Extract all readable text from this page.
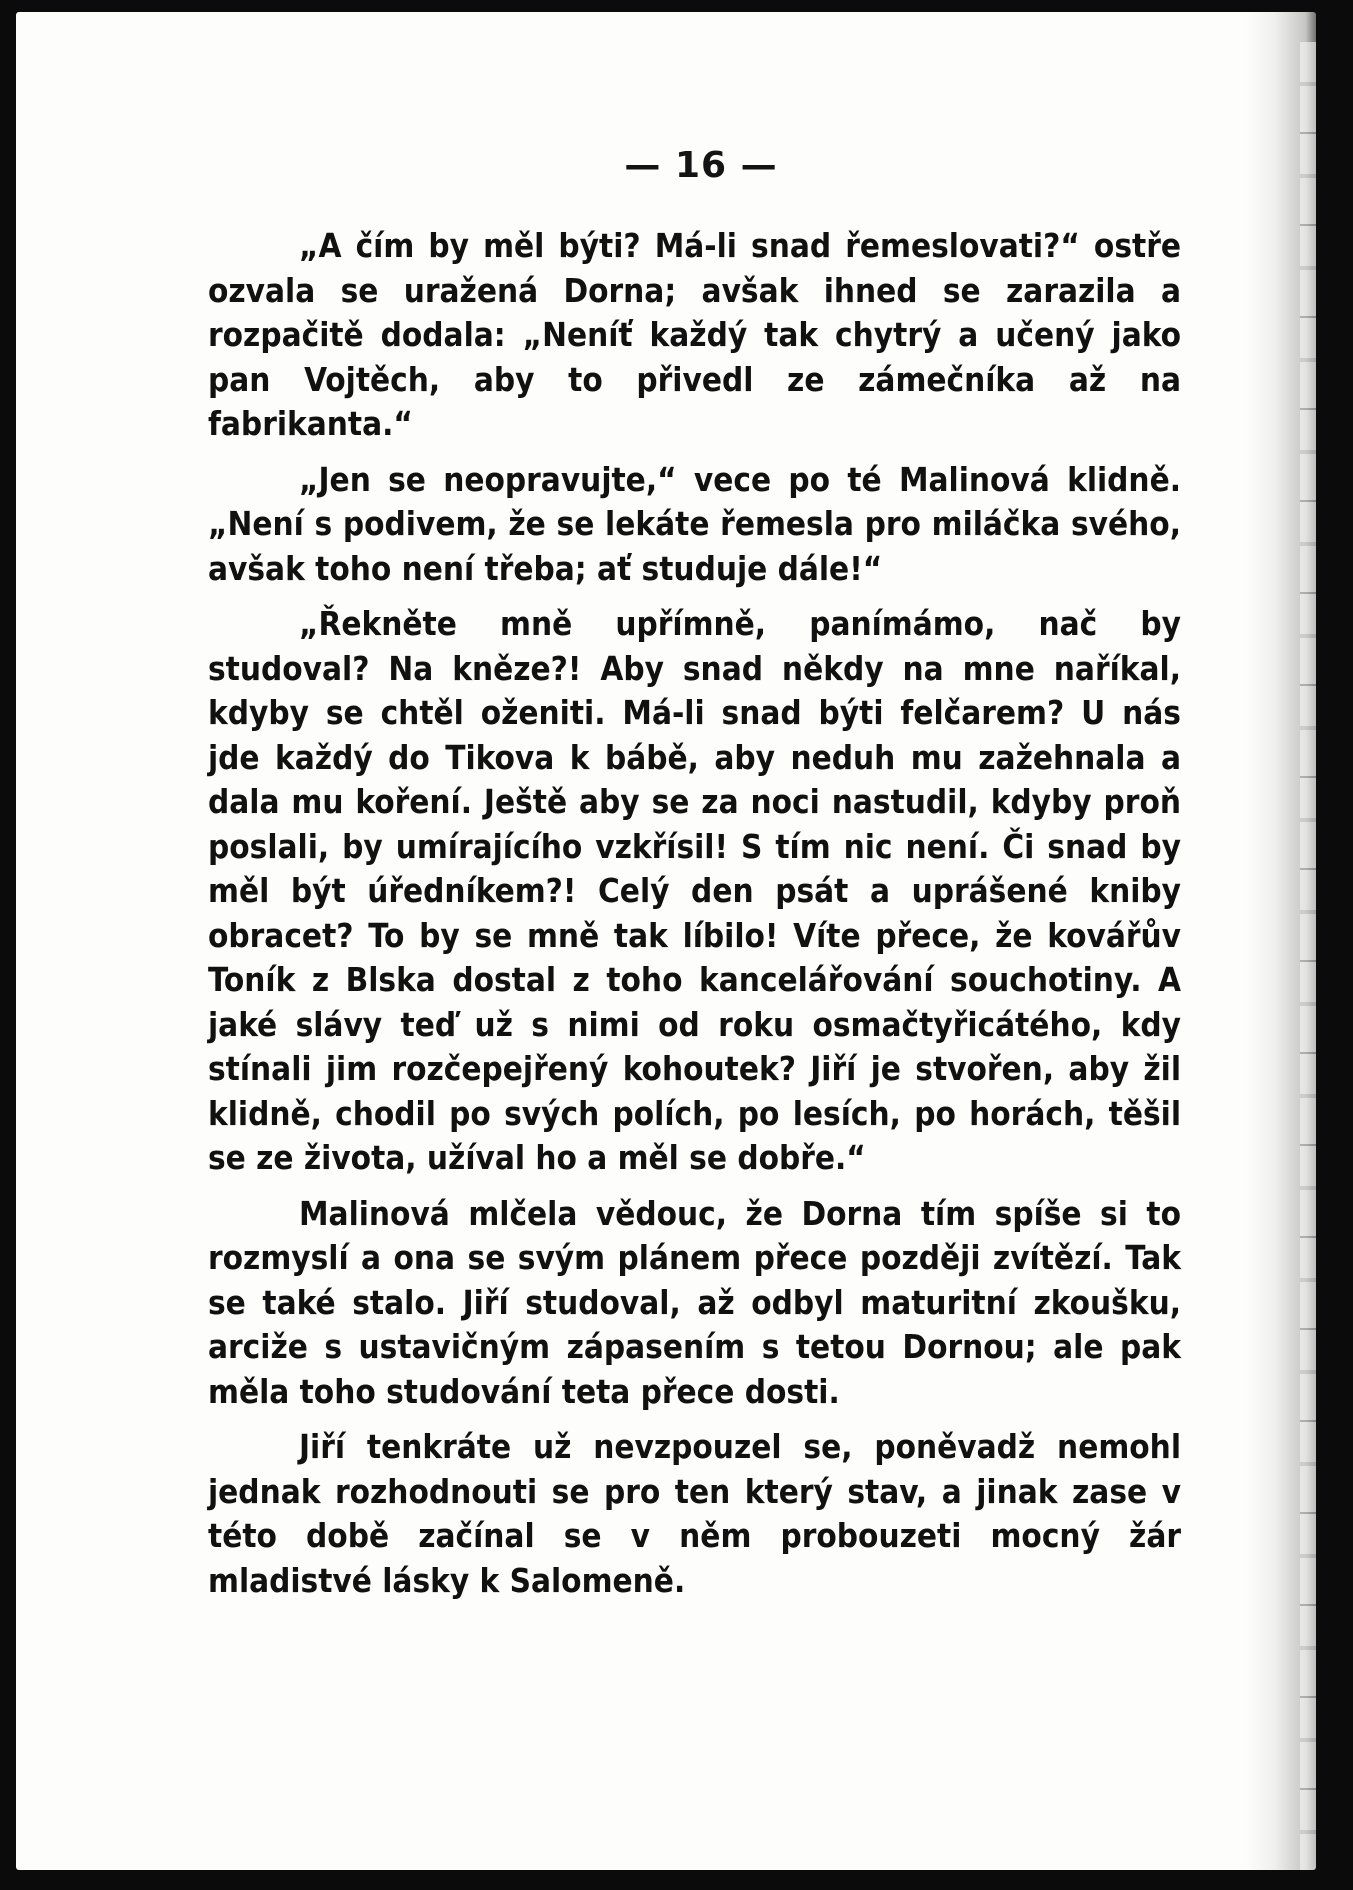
— 16 —

„A čím by měl býti? Má-li snad řemeslovati?“ ostře ozvala se uražená Dorna; avšak ihned se zarazila a rozpačitě dodala: „Neníť každý tak chytrý a učený jako pan Vojtěch, aby to přivedl ze zámečníka až na fabrikanta.“

„Jen se neopravujte,“ vece po té Malinová klidně. „Není s podivem, že se lekáte řemesla pro miláčka svého, avšak toho není třeba; ať studuje dále!“

„Řekněte mně upřímně, panímámo, nač by studoval? Na kněze?! Aby snad někdy na mne naříkal, kdyby se chtěl oženiti. Má-li snad býti felčarem? U nás jde každý do Tikova k bábě, aby neduh mu zažehnala a dala mu koření. Ještě aby se za noci nastudil, kdyby proň poslali, by umírajícího vzkřísil! S tím nic není. Či snad by měl být úředníkem?! Celý den psát a uprášené kniby obracet? To by se mně tak líbilo! Víte přece, že kovářův Toník z Blska dostal z toho kancelářování souchotiny. A jaké slávy teď už s nimi od roku osmačtyřicátého, kdy stínali jim rozčepejřený kohoutek? Jiří je stvořen, aby žil klidně, chodil po svých polích, po lesích, po horách, těšil se ze života, užíval ho a měl se dobře.“

Malinová mlčela vědouc, že Dorna tím spíše si to rozmyslí a ona se svým plánem přece později zvítězí. Tak se také stalo. Jiří studoval, až odbyl maturitní zkoušku, arciže s ustavičným zápasením s tetou Dornou; ale pak měla toho studování teta přece dosti.

Jiří tenkráte už nevzpouzel se, poněvadž nemohl jednak rozhodnouti se pro ten který stav, a jinak zase v této době začínal se v něm probouzeti mocný žár mladistvé lásky k Salomeně.
